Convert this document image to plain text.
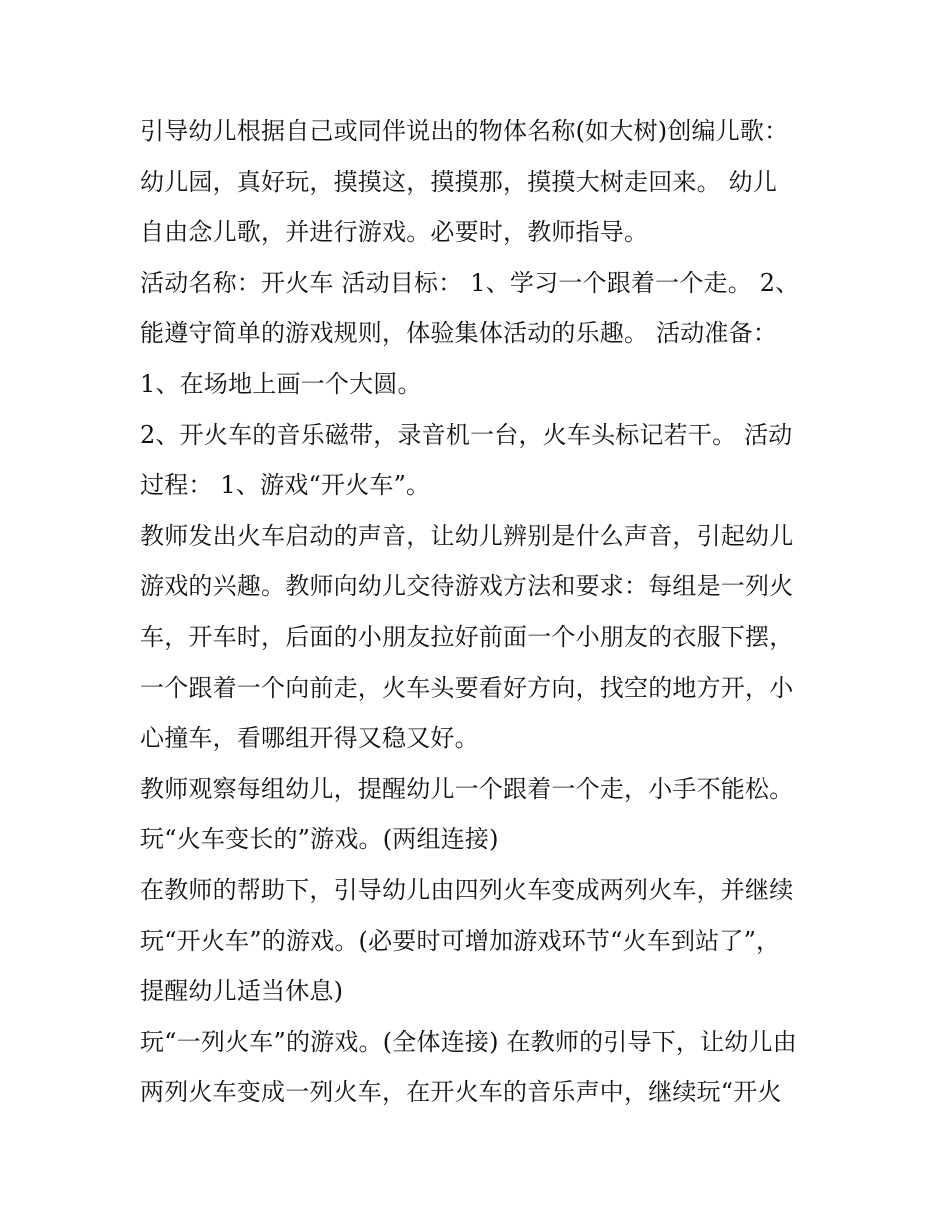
引导幼儿根据自己或同伴说出的物体名称(如大树)创编儿歌：
幼儿园，真好玩，摸摸这，摸摸那，摸摸大树走回来。 幼儿
自由念儿歌，并进行游戏。必要时，教师指导。
活动名称：开火车 活动目标： 1、学习一个跟着一个走。 2、
能遵守简单的游戏规则，体验集体活动的乐趣。 活动准备：
1、在场地上画一个大圆。
2、开火车的音乐磁带，录音机一台，火车头标记若干。 活动
过程： 1、游戏“开火车”。
教师发出火车启动的声音，让幼儿辨别是什么声音，引起幼儿
游戏的兴趣。教师向幼儿交待游戏方法和要求：每组是一列火
车，开车时，后面的小朋友拉好前面一个小朋友的衣服下摆，
一个跟着一个向前走，火车头要看好方向，找空的地方开，小
心撞车，看哪组开得又稳又好。
教师观察每组幼儿，提醒幼儿一个跟着一个走，小手不能松。
玩“火车变长的”游戏。(两组连接)
在教师的帮助下，引导幼儿由四列火车变成两列火车，并继续
玩“开火车”的游戏。(必要时可增加游戏环节“火车到站了”，
提醒幼儿适当休息)
玩“一列火车”的游戏。(全体连接) 在教师的引导下，让幼儿由
两列火车变成一列火车，在开火车的音乐声中，继续玩“开火
